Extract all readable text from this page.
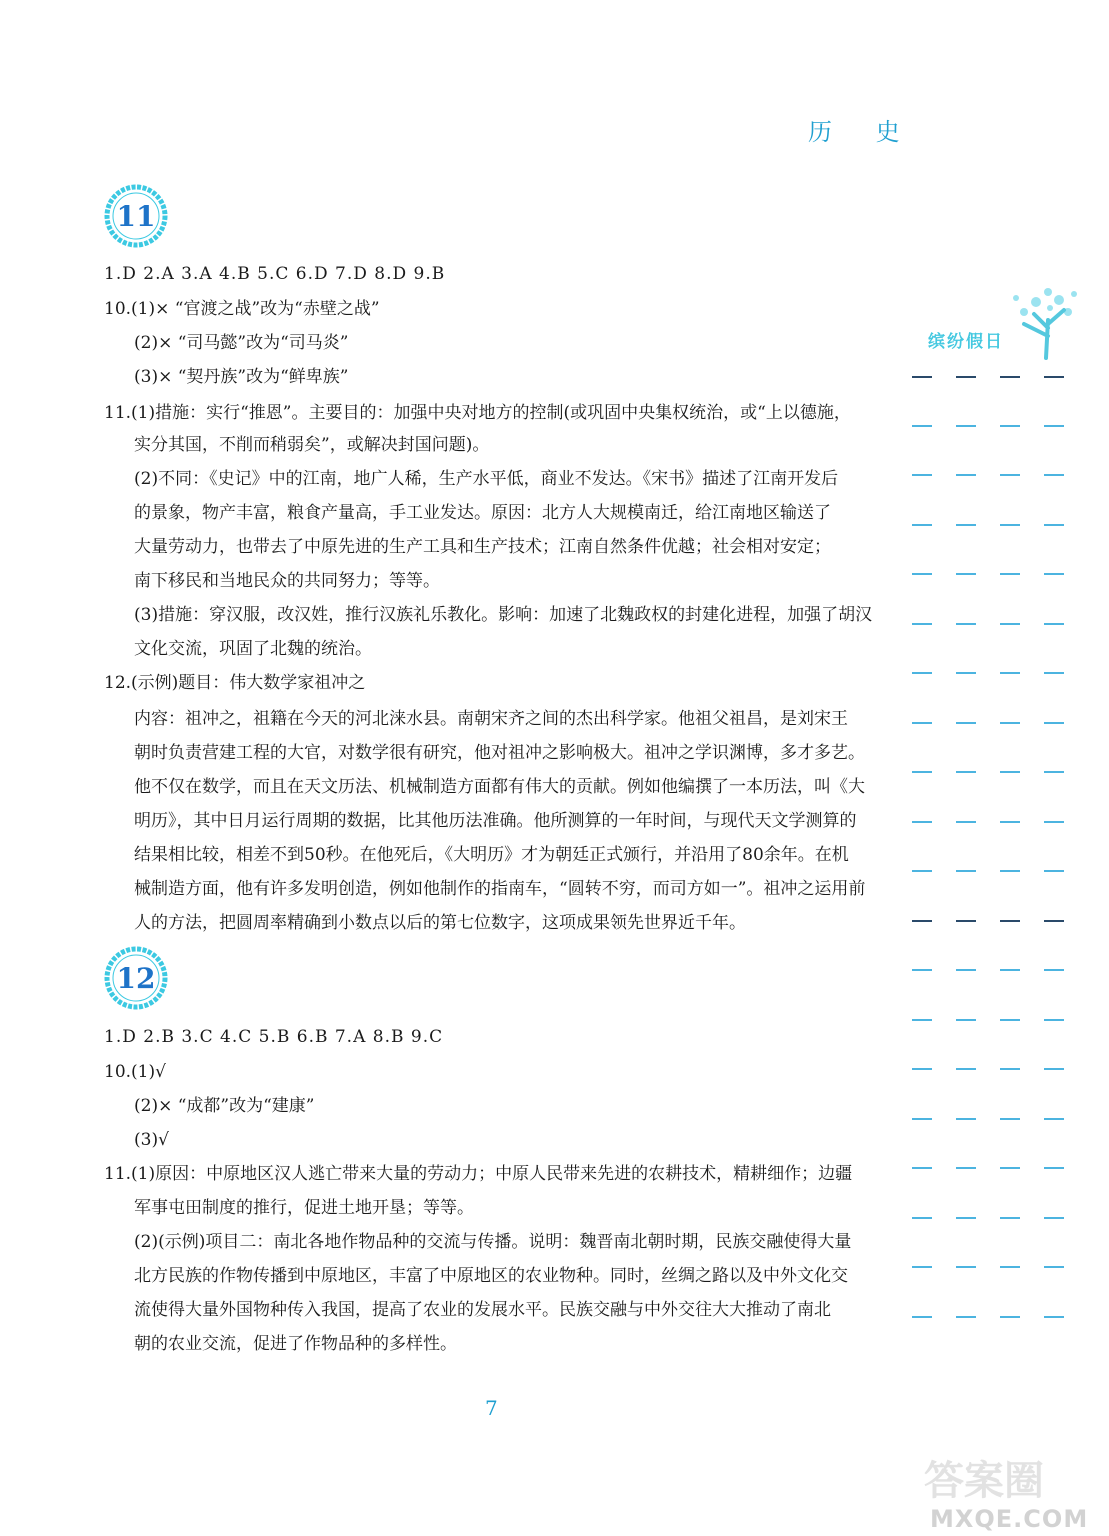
历 史
11
1.D 2.A 3.A 4.B 5.C 6.D 7.D 8.D 9.B
10.(1)× “官渡之战”改为“赤壁之战”
(2)× “司马懿”改为“司马炎”
(3)× “契丹族”改为“鲜卑族”
11.(1)措施：实行“推恩”。主要目的：加强中央对地方的控制(或巩固中央集权统治，或“上以德施，
实分其国，不削而稍弱矣”，或解决封国问题)。
(2)不同：《史记》中的江南，地广人稀，生产水平低，商业不发达。《宋书》描述了江南开发后
的景象，物产丰富，粮食产量高，手工业发达。原因：北方人大规模南迁，给江南地区输送了
大量劳动力，也带去了中原先进的生产工具和生产技术；江南自然条件优越；社会相对安定；
南下移民和当地民众的共同努力；等等。
(3)措施：穿汉服，改汉姓，推行汉族礼乐教化。影响：加速了北魏政权的封建化进程，加强了胡汉
文化交流，巩固了北魏的统治。
12.(示例)题目：伟大数学家祖冲之
内容：祖冲之，祖籍在今天的河北涞水县。南朝宋齐之间的杰出科学家。他祖父祖昌，是刘宋王
朝时负责营建工程的大官，对数学很有研究，他对祖冲之影响极大。祖冲之学识渊博，多才多艺。
他不仅在数学，而且在天文历法、机械制造方面都有伟大的贡献。例如他编撰了一本历法，叫《大
明历》，其中日月运行周期的数据，比其他历法准确。他所测算的一年时间，与现代天文学测算的
结果相比较，相差不到50秒。在他死后，《大明历》才为朝廷正式颁行，并沿用了80余年。在机
械制造方面，他有许多发明创造，例如他制作的指南车，“圆转不穷，而司方如一”。祖冲之运用前
人的方法，把圆周率精确到小数点以后的第七位数字，这项成果领先世界近千年。
12
1.D 2.B 3.C 4.C 5.B 6.B 7.A 8.B 9.C
10.(1)√
(2)× “成都”改为“建康”
(3)√
11.(1)原因：中原地区汉人逃亡带来大量的劳动力；中原人民带来先进的农耕技术，精耕细作；边疆
军事屯田制度的推行，促进土地开垦；等等。
(2)(示例)项目二：南北各地作物品种的交流与传播。说明：魏晋南北朝时期，民族交融使得大量
北方民族的作物传播到中原地区，丰富了中原地区的农业物种。同时，丝绸之路以及中外文化交
流使得大量外国物种传入我国，提高了农业的发展水平。民族交融与中外交往大大推动了南北
朝的农业交流，促进了作物品种的多样性。
缤纷假日
7
答案圈
MXQE.COM
